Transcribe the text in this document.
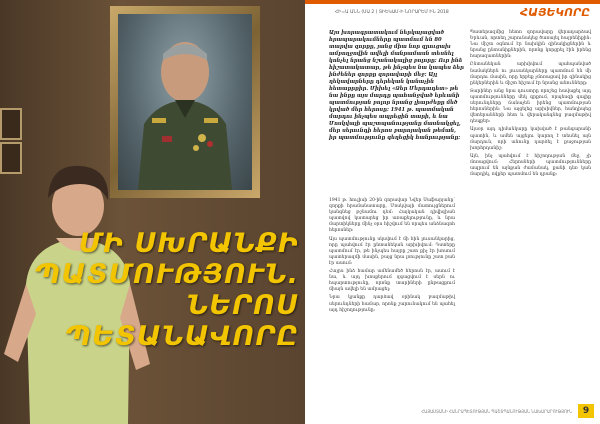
ՄԻ ՍԽՐԱՆՔԻ
ՊԱՏՄՈՒԹՅՈՒՆ.
ՆԵՐՈՍ
ՊԵՏԱՆԱՎՈՐԸ
ՀԻ=Ա ԱՆՆ (ՍԱ 2 ) ՏԻԵԿԱՄ-Ի ՆՈՐԱՐԵՄ ԻՆ 2018	ՀԱՅԵԿՈՐԸ
Այս խորագրատակում ներկայացված հրապարակումները պատմում են 80 տարվա զորքը, յանց միա նոր զրուցախ ամբողջովին ավելի մանրամասն տեսնել կոնչել նրանց նշանակալից բոլորը: Ուր ինձ հիշատակատար, թե ինչպես նա կապես ձեր ինժեներ զորքը զորավարի մեջ: Այլ ղեկավարները դերեկան կանաչին հետաքրքիր. Միխել «Ձեր Մերդադետ» թե նա ինքը այս մարդը պահանջված երևանի պատմության բոլոր նրանց լիարժեքը մեծ կրված մեր հերոսը: 1941 թ. պատմական մարդու ինչպես ապրեցին տարի, և նա Մոսկվայի պաշտպանությանը մասնակցել, մեր սերունդի հերոս բարոյական թեման, իր պատմությունը գեղեցիկ հանրությանը:

1941 թ. հուլիսի 20-ին զորավար Նվեր Սաֆարյանը՝ զորքի հրամանատարը, Մոսկվայի մատույցներում կանգնեց թշնամու դեմ: Հայկական դիվիզիան պատվով կատարեց իր առաքելությունը, և նրա մարտիկները մինչ օրս հիշվում են որպես անձնազոհ հերոսներ:

Այս պատմությունը սկսվում է մի հին լուսանկարից, որը պահվում էր ընտանեկան արխիվում: Դստերը պատմում էր, թե ինչպես հայրը շատ քիչ էր խոսում պատերազմի մասին, բայց նրա լռությունը շատ բան էր ասում:

Հայրս ինձ համար ամենամեծ հերոսն էր, ասում է նա, և այդ խոսքերում զգացվում է սերն ու հպարտությունը, որոնք տարիների ընթացքում միայն ավելի են ամրացել:

Նրա կյանքը դարձավ օրինակ բազմաթիվ սերունդների համար, որոնք շարունակում են պահել այդ հիշողությունը:

Պատերազմից հետո զորավարը վերադարձավ Երևան, որտեղ շարունակեց ծառայել հայրենիքին: Նա միշտ օգնում էր նախկին զինակիցներին և նրանց ընտանիքներին, որոնք կորցրել էին իրենց հարազատներին:

Ընտանեկան արխիվում պահպանված նամակներն ու լուսանկարները պատմում են մի մարդու մասին, որը երբեք չմոռացավ իր զինակից ընկերներին և միշտ հիշում էր նրանց անունները:

Տարիներ անց նրա դուստրը որոշեց հավաքել այդ պատմությունները մեկ գրքում, որպեսզի գալիք սերունդները ճանաչեն իրենց պատմության հերոսներին: Նա այցելեց արխիվներ, հանդիպեց վետերանների հետ և վերականգնեց բազմաթիվ դեպքեր:

Այսօր այդ դիմանկարը կախված է թանգարանի պատին, և ամեն այցելու կարող է տեսնել այն մարդուն, որի անունը դարձել է քաջության խորհրդանիշ:

Այն, ինչ պահվում է հիշողության մեջ, չի մոռացվում: Հերոսների պատմությունները ապրում են այնքան ժամանակ, քանի դեռ կան մարդիկ, ովքեր պատմում են դրանք:

ՀԱՅԱՍՏԱՆԻ ՀԱՆՐԱՊԵՏՈՒԹՅԱՆ ՊԱՇՏՊԱՆՈՒԹՅԱՆ ՆԱԽԱՐԱՐՈՒԹՅՈՒՆ	9
